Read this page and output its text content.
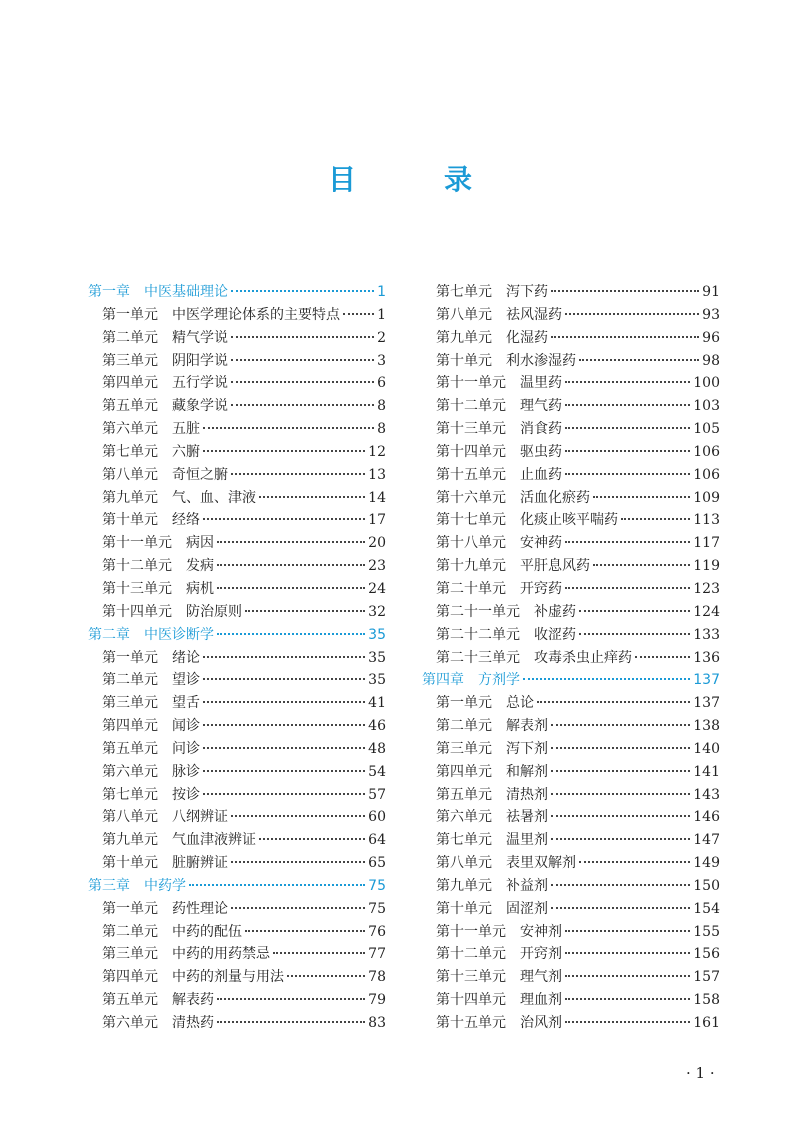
目　录
第一章 中医基础理论	1
第一单元 中医学理论体系的主要特点	1
第二单元 精气学说	2
第三单元 阴阳学说	3
第四单元 五行学说	6
第五单元 藏象学说	8
第六单元 五脏	8
第七单元 六腑	12
第八单元 奇恒之腑	13
第九单元 气、血、津液	14
第十单元 经络	17
第十一单元 病因	20
第十二单元 发病	23
第十三单元 病机	24
第十四单元 防治原则	32
第二章 中医诊断学	35
第一单元 绪论	35
第二单元 望诊	35
第三单元 望舌	41
第四单元 闻诊	46
第五单元 问诊	48
第六单元 脉诊	54
第七单元 按诊	57
第八单元 八纲辨证	60
第九单元 气血津液辨证	64
第十单元 脏腑辨证	65
第三章 中药学	75
第一单元 药性理论	75
第二单元 中药的配伍	76
第三单元 中药的用药禁忌	77
第四单元 中药的剂量与用法	78
第五单元 解表药	79
第六单元 清热药	83
第七单元 泻下药	91
第八单元 祛风湿药	93
第九单元 化湿药	96
第十单元 利水渗湿药	98
第十一单元 温里药	100
第十二单元 理气药	103
第十三单元 消食药	105
第十四单元 驱虫药	106
第十五单元 止血药	106
第十六单元 活血化瘀药	109
第十七单元 化痰止咳平喘药	113
第十八单元 安神药	117
第十九单元 平肝息风药	119
第二十单元 开窍药	123
第二十一单元 补虚药	124
第二十二单元 收涩药	133
第二十三单元 攻毒杀虫止痒药	136
第四章 方剂学	137
第一单元 总论	137
第二单元 解表剂	138
第三单元 泻下剂	140
第四单元 和解剂	141
第五单元 清热剂	143
第六单元 祛暑剂	146
第七单元 温里剂	147
第八单元 表里双解剂	149
第九单元 补益剂	150
第十单元 固涩剂	154
第十一单元 安神剂	155
第十二单元 开窍剂	156
第十三单元 理气剂	157
第十四单元 理血剂	158
第十五单元 治风剂	161
· 1 ·
